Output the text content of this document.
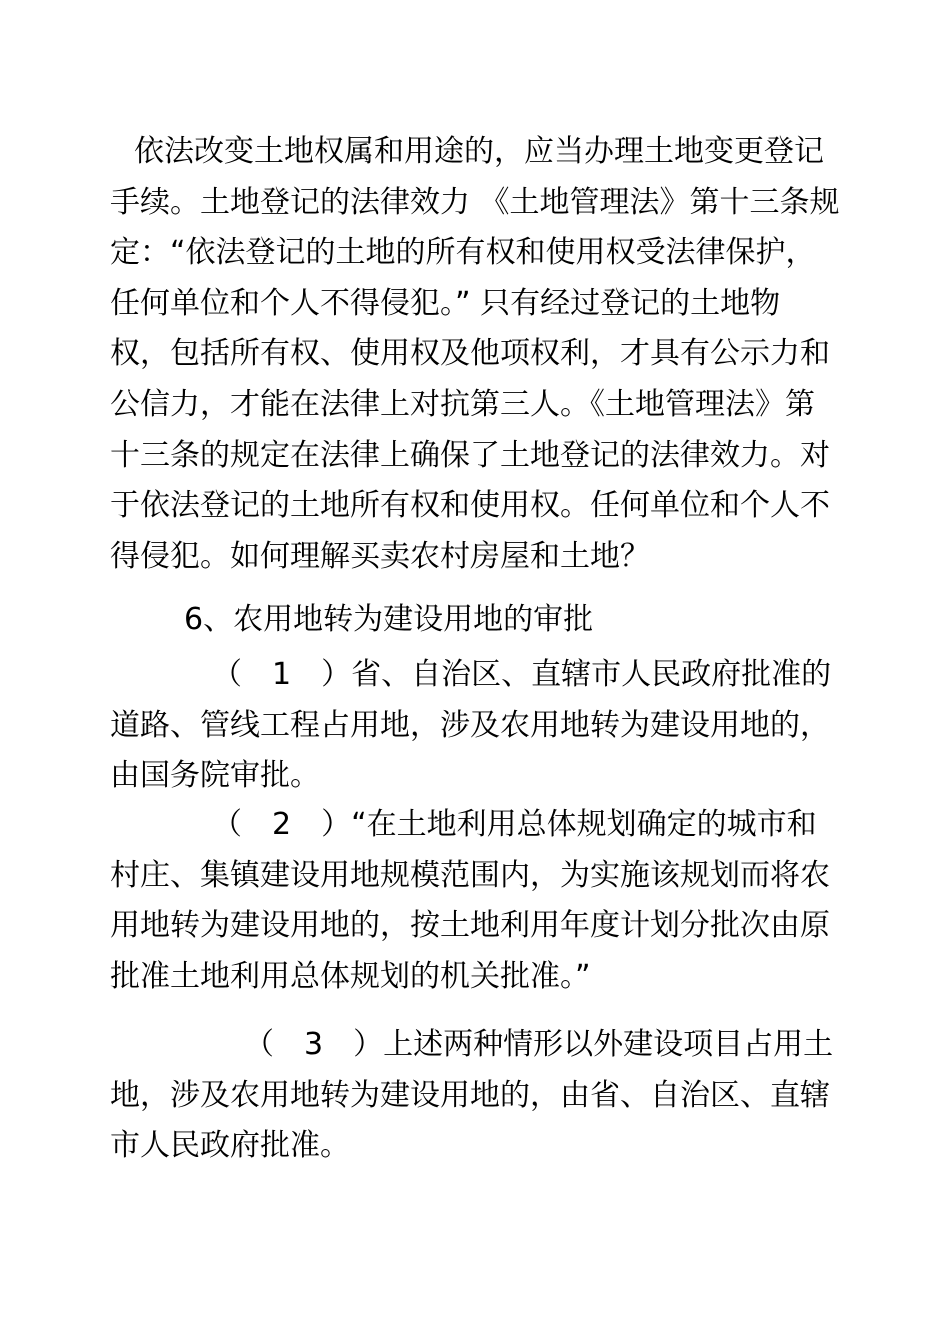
依法改变土地权属和用途的，应当办理土地变更登记手续。土地登记的法律效力 《土地管理法》第十三条规定：“依法登记的土地的所有权和使用权受法律保护，任何单位和个人不得侵犯。” 只有经过登记的土地物权，包括所有权、使用权及他项权利，才具有公示力和公信力，才能在法律上对抗第三人。《土地管理法》第十三条的规定在法律上确保了土地登记的法律效力。对于依法登记的土地所有权和使用权。任何单位和个人不得侵犯。如何理解买卖农村房屋和土地？

6、农用地转为建设用地的审批

（　1　）省、自治区、直辖市人民政府批准的道路、管线工程占用地，涉及农用地转为建设用地的，由国务院审批。

（　2　）“在土地利用总体规划确定的城市和村庄、集镇建设用地规模范围内，为实施该规划而将农用地转为建设用地的，按土地利用年度计划分批次由原批准土地利用总体规划的机关批准。”

（　3　）上述两种情形以外建设项目占用土地，涉及农用地转为建设用地的，由省、自治区、直辖市人民政府批准。
